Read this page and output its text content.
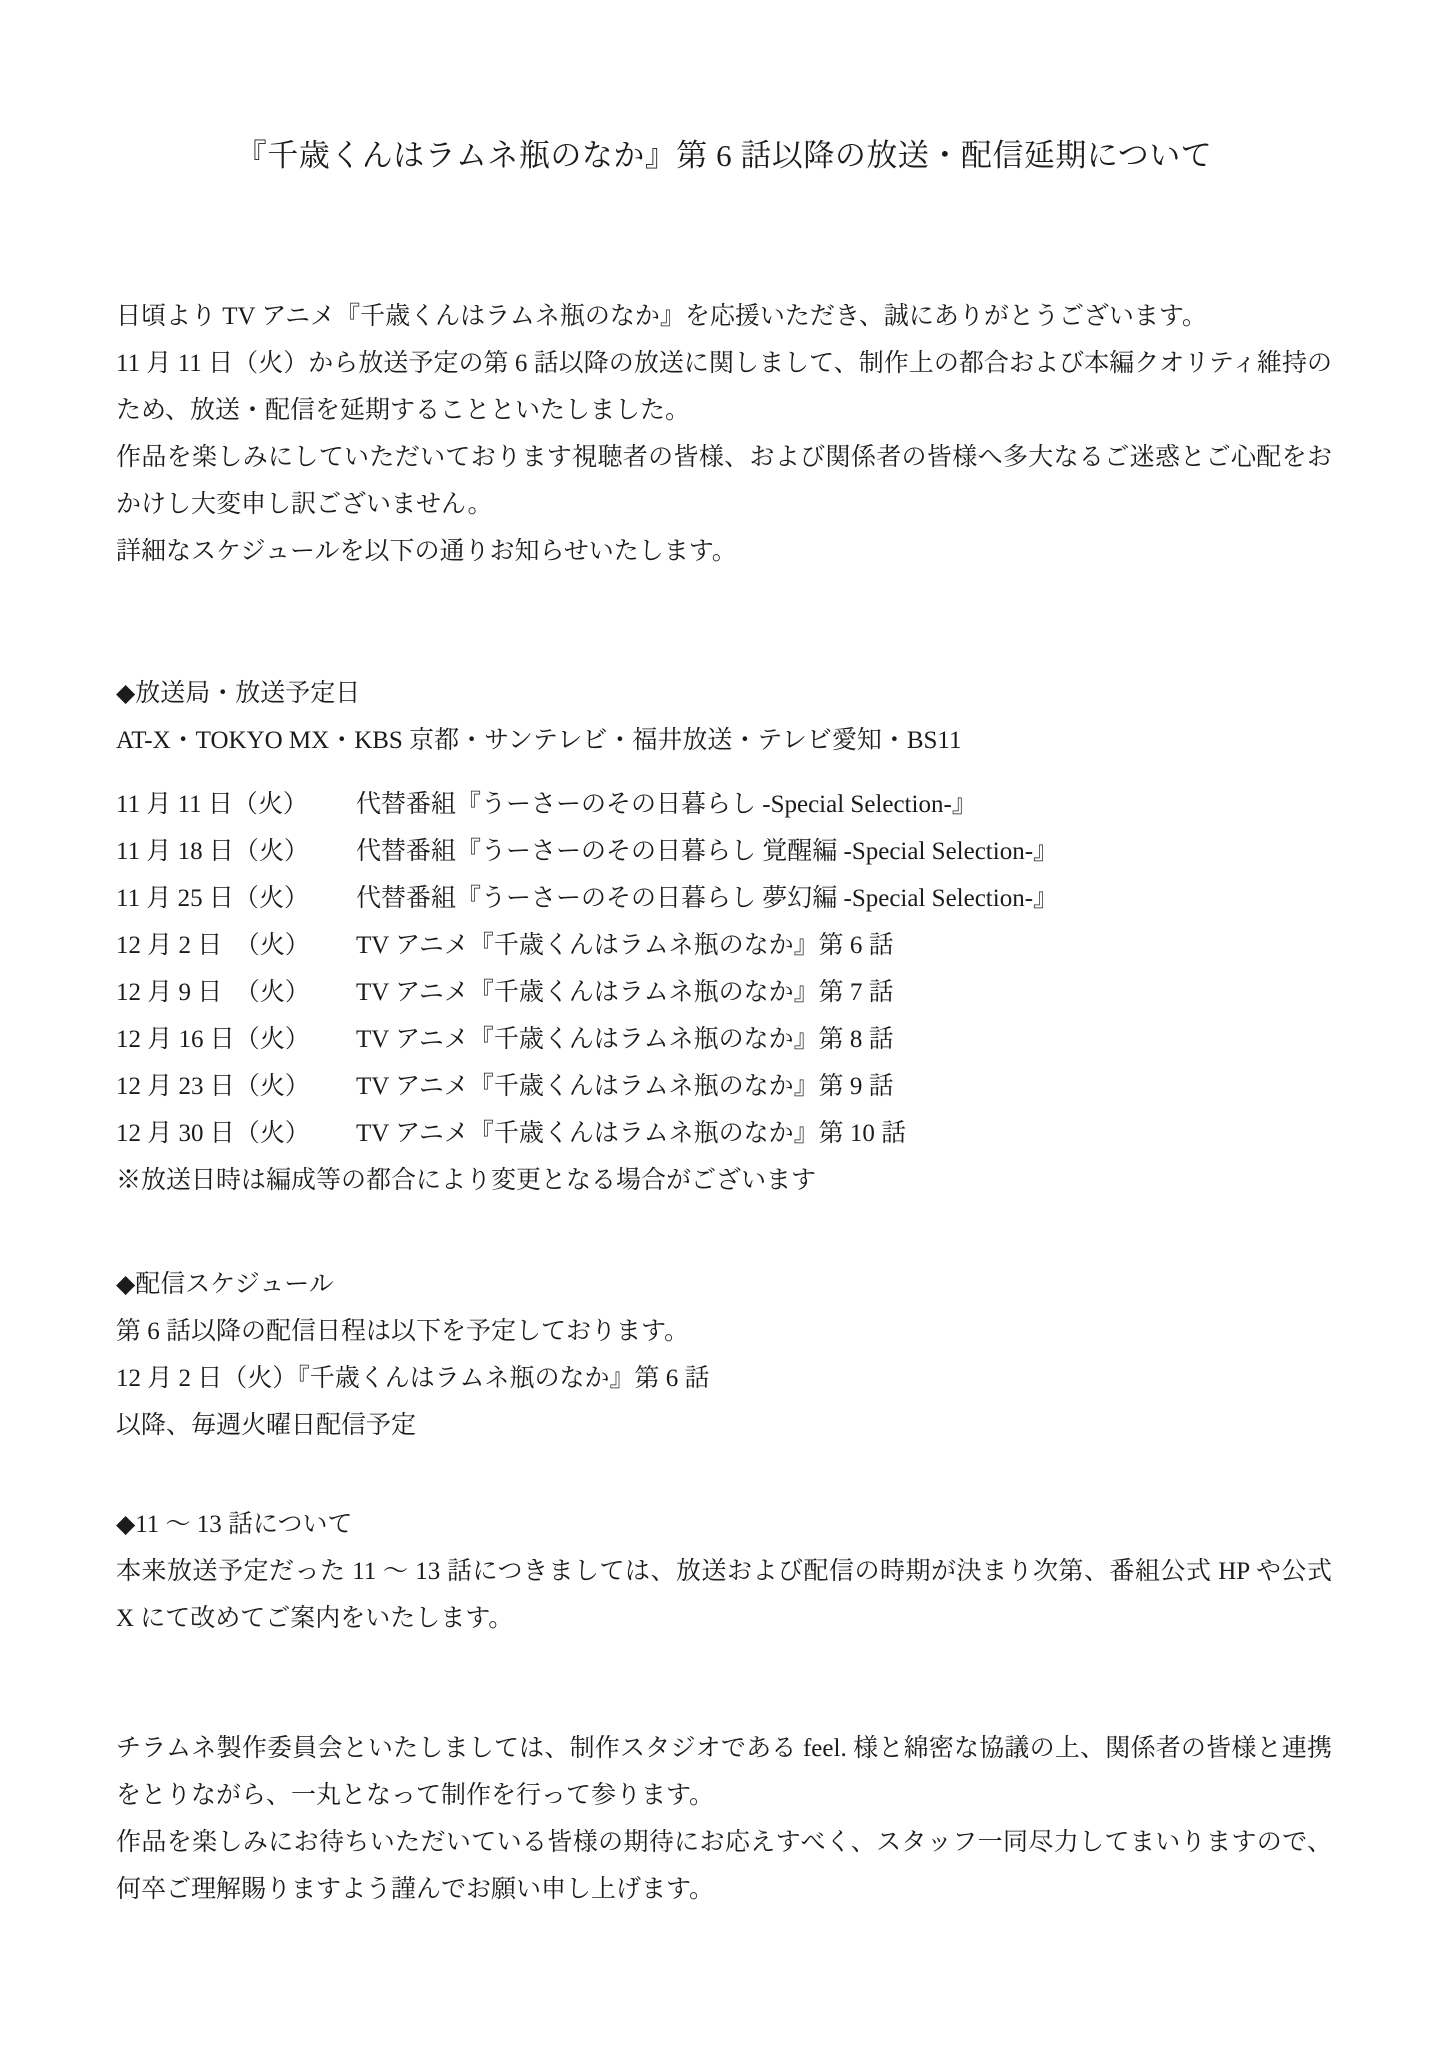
『千歳くんはラムネ瓶のなか』第 6 話以降の放送・配信延期について

日頃より TV アニメ『千歳くんはラムネ瓶のなか』を応援いただき、誠にありがとうございます。

11 月 11 日（火）から放送予定の第 6 話以降の放送に関しまして、制作上の都合および本編クオリティ維持のため、放送・配信を延期することといたしました。

作品を楽しみにしていただいております視聴者の皆様、および関係者の皆様へ多大なるご迷惑とご心配をおかけし大変申し訳ございません。

詳細なスケジュールを以下の通りお知らせいたします。

◆放送局・放送予定日

AT-X・TOKYO MX・KBS 京都・サンテレビ・福井放送・テレビ愛知・BS11

11 月 11 日（火）	代替番組『うーさーのその日暮らし -Special Selection-』
11 月 18 日（火）	代替番組『うーさーのその日暮らし 覚醒編 -Special Selection-』
11 月 25 日（火）	代替番組『うーさーのその日暮らし 夢幻編 -Special Selection-』
12 月 2 日　（火）	TV アニメ『千歳くんはラムネ瓶のなか』第 6 話
12 月 9 日　（火）	TV アニメ『千歳くんはラムネ瓶のなか』第 7 話
12 月 16 日（火）	TV アニメ『千歳くんはラムネ瓶のなか』第 8 話
12 月 23 日（火）	TV アニメ『千歳くんはラムネ瓶のなか』第 9 話
12 月 30 日（火）	TV アニメ『千歳くんはラムネ瓶のなか』第 10 話

※放送日時は編成等の都合により変更となる場合がございます

◆配信スケジュール

第 6 話以降の配信日程は以下を予定しております。

12 月 2 日（火）『千歳くんはラムネ瓶のなか』第 6 話

以降、毎週火曜日配信予定

◆11 ～ 13 話について

本来放送予定だった 11 ～ 13 話につきましては、放送および配信の時期が決まり次第、番組公式 HP や公式 X にて改めてご案内をいたします。

チラムネ製作委員会といたしましては、制作スタジオである feel. 様と綿密な協議の上、関係者の皆様と連携をとりながら、一丸となって制作を行って参ります。

作品を楽しみにお待ちいただいている皆様の期待にお応えすべく、スタッフ一同尽力してまいりますので、何卒ご理解賜りますよう謹んでお願い申し上げます。
